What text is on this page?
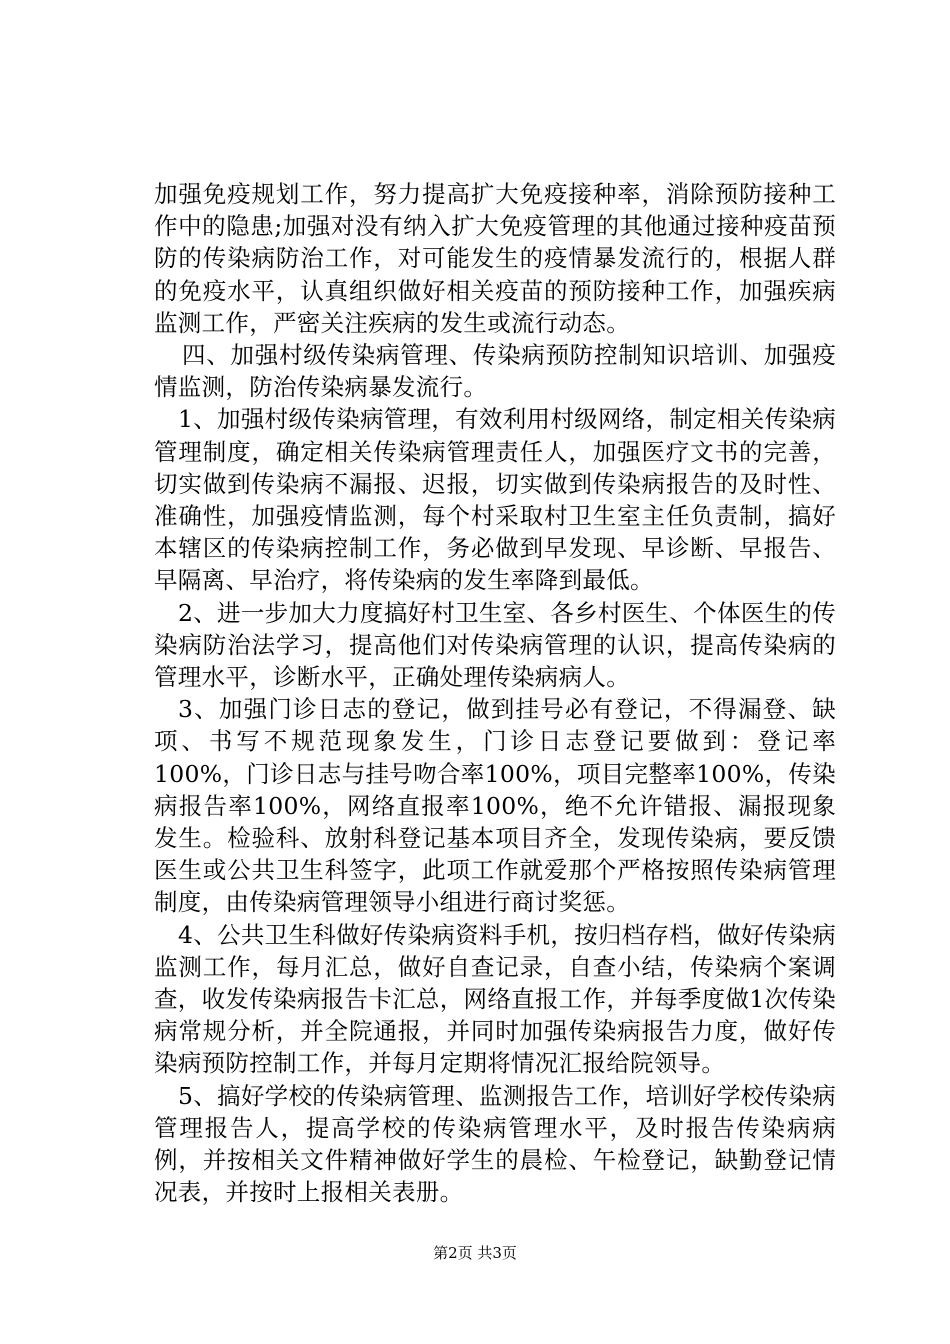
加强免疫规划工作，努力提高扩大免疫接种率，消除预防接种工作中的隐患;加强对没有纳入扩大免疫管理的其他通过接种疫苗预防的传染病防治工作，对可能发生的疫情暴发流行的，根据人群的免疫水平，认真组织做好相关疫苗的预防接种工作，加强疾病监测工作，严密关注疾病的发生或流行动态。

四、加强村级传染病管理、传染病预防控制知识培训、加强疫情监测，防治传染病暴发流行。

1、加强村级传染病管理，有效利用村级网络，制定相关传染病管理制度，确定相关传染病管理责任人，加强医疗文书的完善，切实做到传染病不漏报、迟报，切实做到传染病报告的及时性、准确性，加强疫情监测，每个村采取村卫生室主任负责制，搞好本辖区的传染病控制工作，务必做到早发现、早诊断、早报告、早隔离、早治疗，将传染病的发生率降到最低。

2、进一步加大力度搞好村卫生室、各乡村医生、个体医生的传染病防治法学习，提高他们对传染病管理的认识，提高传染病的管理水平，诊断水平，正确处理传染病病人。

3、加强门诊日志的登记，做到挂号必有登记，不得漏登、缺项、书写不规范现象发生，门诊日志登记要做到：登记率100%，门诊日志与挂号吻合率100%，项目完整率100%，传染病报告率100%，网络直报率100%，绝不允许错报、漏报现象发生。检验科、放射科登记基本项目齐全，发现传染病，要反馈医生或公共卫生科签字，此项工作就爱那个严格按照传染病管理制度，由传染病管理领导小组进行商讨奖惩。

4、公共卫生科做好传染病资料手机，按归档存档，做好传染病监测工作，每月汇总，做好自查记录，自查小结，传染病个案调查，收发传染病报告卡汇总，网络直报工作，并每季度做1次传染病常规分析，并全院通报，并同时加强传染病报告力度，做好传染病预防控制工作，并每月定期将情况汇报给院领导。

5、搞好学校的传染病管理、监测报告工作，培训好学校传染病管理报告人，提高学校的传染病管理水平，及时报告传染病病例，并按相关文件精神做好学生的晨检、午检登记，缺勤登记情况表，并按时上报相关表册。

第2页 共3页
